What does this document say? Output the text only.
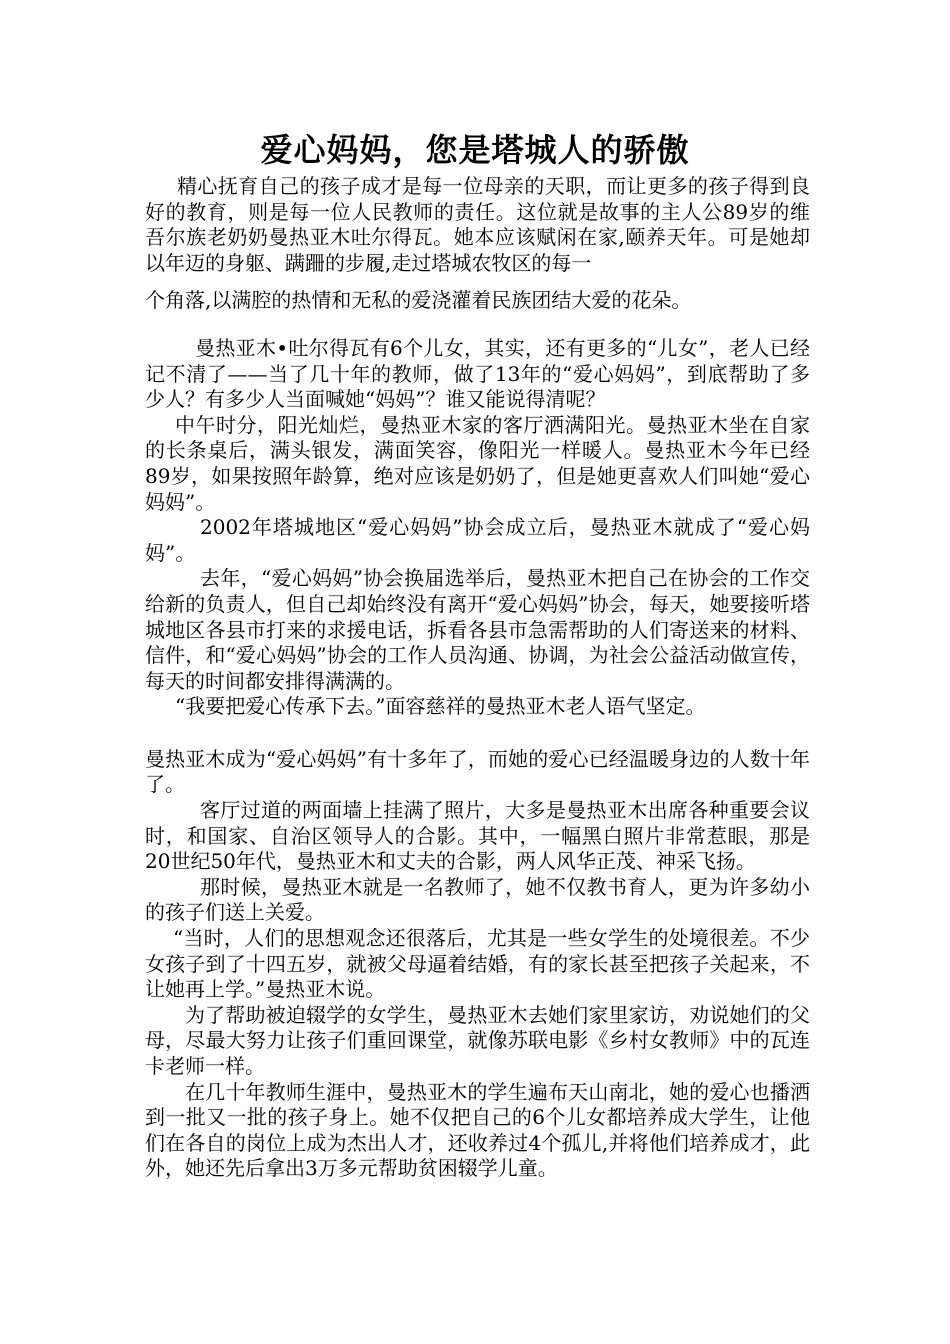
爱心妈妈，您是塔城人的骄傲

精心抚育自己的孩子成才是每一位母亲的天职，而让更多的孩子得到良好的教育，则是每一位人民教师的责任。这位就是故事的主人公89岁的维吾尔族老奶奶曼热亚木吐尔得瓦。她本应该赋闲在家,颐养天年。可是她却以年迈的身躯、蹒跚的步履,走过塔城农牧区的每一

个角落,以满腔的热情和无私的爱浇灌着民族团结大爱的花朵。

曼热亚木•吐尔得瓦有6个儿女，其实，还有更多的“儿女”，老人已经记不清了——当了几十年的教师，做了13年的“爱心妈妈”，到底帮助了多少人？有多少人当面喊她“妈妈”？谁又能说得清呢？

中午时分，阳光灿烂，曼热亚木家的客厅洒满阳光。曼热亚木坐在自家的长条桌后，满头银发，满面笑容，像阳光一样暖人。曼热亚木今年已经89岁，如果按照年龄算，绝对应该是奶奶了，但是她更喜欢人们叫她“爱心妈妈”。

2002年塔城地区“爱心妈妈”协会成立后，曼热亚木就成了“爱心妈妈”。

去年，“爱心妈妈”协会换届选举后，曼热亚木把自己在协会的工作交给新的负责人，但自己却始终没有离开“爱心妈妈”协会，每天，她要接听塔城地区各县市打来的求援电话，拆看各县市急需帮助的人们寄送来的材料、信件，和“爱心妈妈”协会的工作人员沟通、协调，为社会公益活动做宣传，每天的时间都安排得满满的。

“我要把爱心传承下去。”面容慈祥的曼热亚木老人语气坚定。

曼热亚木成为“爱心妈妈”有十多年了，而她的爱心已经温暖身边的人数十年了。

客厅过道的两面墙上挂满了照片，大多是曼热亚木出席各种重要会议时，和国家、自治区领导人的合影。其中，一幅黑白照片非常惹眼，那是20世纪50年代，曼热亚木和丈夫的合影，两人风华正茂、神采飞扬。

那时候，曼热亚木就是一名教师了，她不仅教书育人，更为许多幼小的孩子们送上关爱。

“当时，人们的思想观念还很落后，尤其是一些女学生的处境很差。不少女孩子到了十四五岁，就被父母逼着结婚，有的家长甚至把孩子关起来，不让她再上学。”曼热亚木说。

为了帮助被迫辍学的女学生，曼热亚木去她们家里家访，劝说她们的父母，尽最大努力让孩子们重回课堂，就像苏联电影《乡村女教师》中的瓦连卡老师一样。

在几十年教师生涯中，曼热亚木的学生遍布天山南北，她的爱心也播洒到一批又一批的孩子身上。她不仅把自己的6个儿女都培养成大学生，让他们在各自的岗位上成为杰出人才，还收养过4个孤儿,并将他们培养成才，此外，她还先后拿出3万多元帮助贫困辍学儿童。
